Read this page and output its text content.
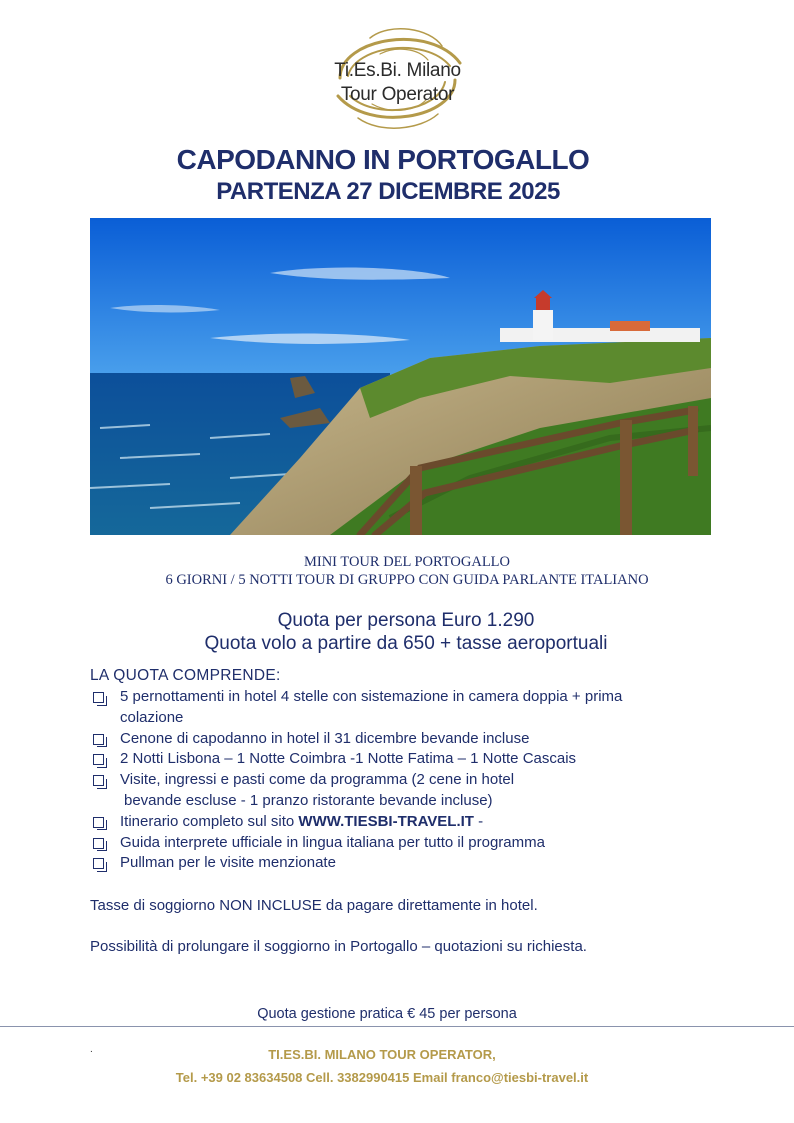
Ti.Es.Bi. Milano
Tour Operator
CAPODANNO IN PORTOGALLO
PARTENZA 27 DICEMBRE 2025
MINI TOUR DEL PORTOGALLO
6 GIORNI / 5 NOTTI TOUR DI GRUPPO CON GUIDA PARLANTE ITALIANO
Quota per persona Euro 1.290
Quota volo a partire da 650 + tasse aeroportuali
LA QUOTA COMPRENDE:
5 pernottamenti in hotel 4 stelle con sistemazione in camera doppia + prima
colazione
Cenone di capodanno in hotel il 31 dicembre bevande incluse
2 Notti Lisbona – 1 Notte Coimbra -1 Notte Fatima – 1 Notte Cascais
Visite, ingressi e pasti come da programma (2 cene in hotel
bevande escluse - 1 pranzo ristorante bevande incluse)
Itinerario completo sul sito WWW.TIESBI-TRAVEL.IT -
Guida interprete ufficiale in lingua italiana per tutto il programma
Pullman per le visite menzionate
Tasse di soggiorno NON INCLUSE da pagare direttamente in hotel.
Possibilità di prolungare il soggiorno in Portogallo – quotazioni su richiesta.
Quota gestione pratica € 45 per persona
.	TI.ES.BI. MILANO TOUR OPERATOR,
Tel. +39 02 83634508 Cell. 3382990415 Email franco@tiesbi-travel.it
